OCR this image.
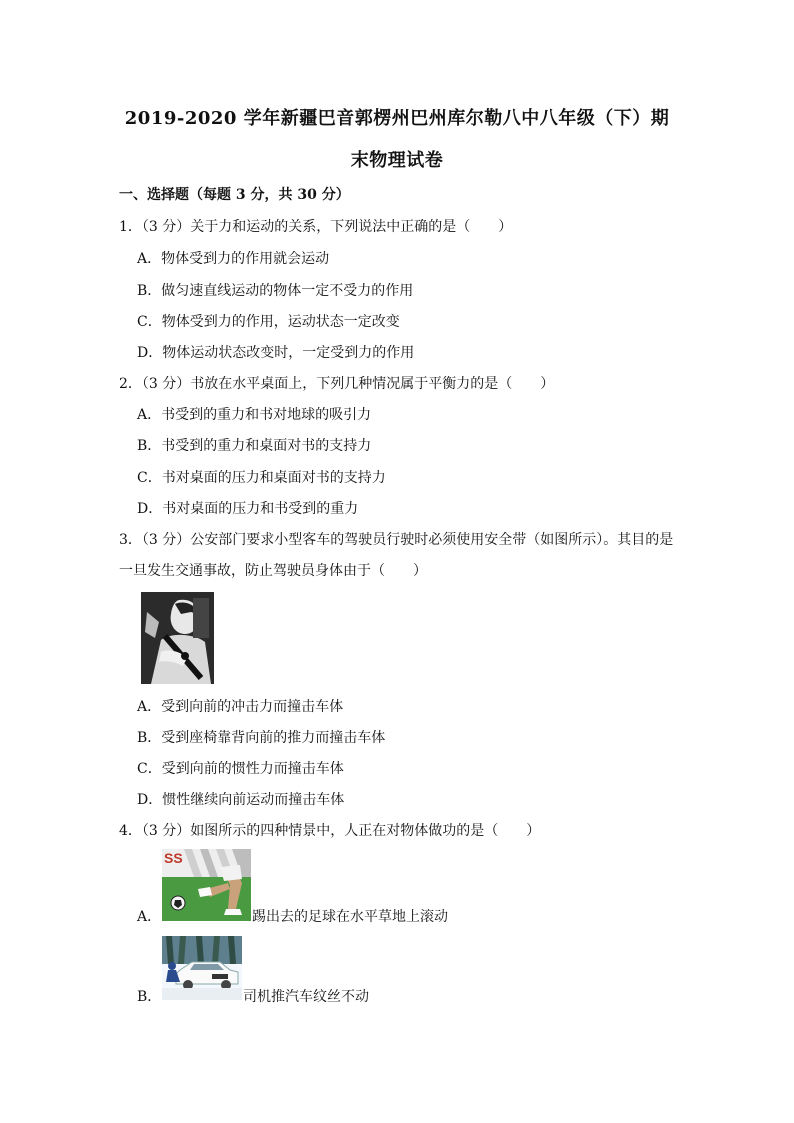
2019-2020 学年新疆巴音郭楞州巴州库尔勒八中八年级（下）期
末物理试卷
一、选择题（每题 3 分，共 30 分）
1．（3 分）关于力和运动的关系，下列说法中正确的是（　　）
A．物体受到力的作用就会运动
B．做匀速直线运动的物体一定不受力的作用
C．物体受到力的作用，运动状态一定改变
D．物体运动状态改变时，一定受到力的作用
2．（3 分）书放在水平桌面上，下列几种情况属于平衡力的是（　　）
A．书受到的重力和书对地球的吸引力
B．书受到的重力和桌面对书的支持力
C．书对桌面的压力和桌面对书的支持力
D．书对桌面的压力和书受到的重力
3．（3 分）公安部门要求小型客车的驾驶员行驶时必须使用安全带（如图所示）。其目的是
一旦发生交通事故，防止驾驶员身体由于（　　）
A．受到向前的冲击力而撞击车体
B．受到座椅靠背向前的推力而撞击车体
C．受到向前的惯性力而撞击车体
D．惯性继续向前运动而撞击车体
4．（3 分）如图所示的四种情景中，人正在对物体做功的是（　　）
SS
A．	踢出去的足球在水平草地上滚动
B．	司机推汽车纹丝不动
